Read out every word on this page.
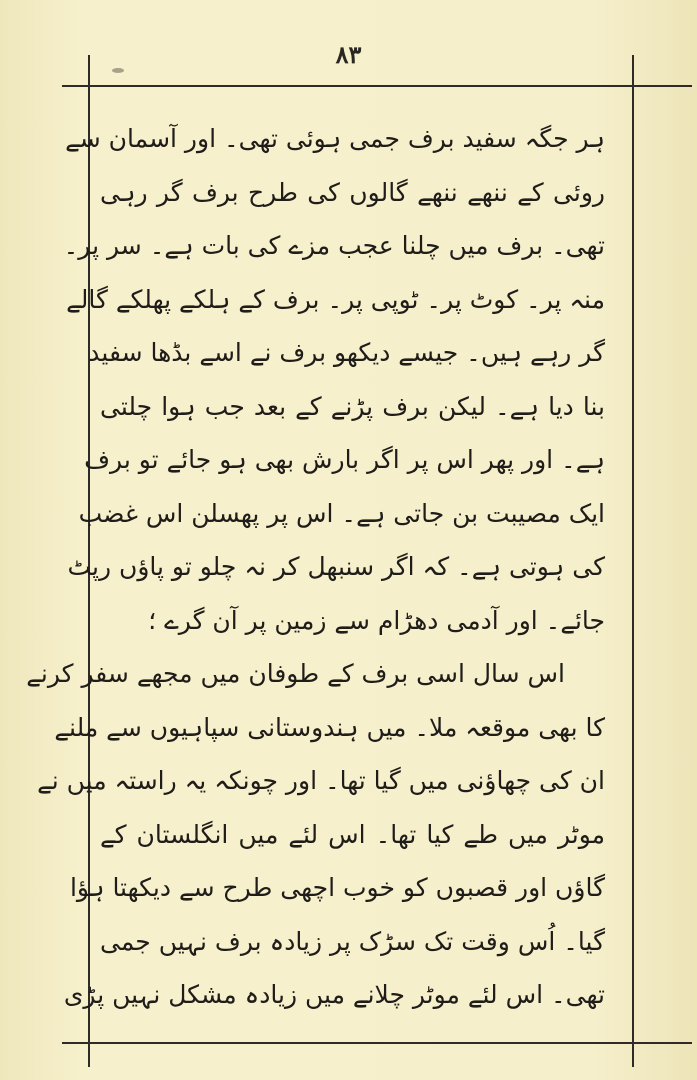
۸۳
ہر جگہ سفید برف جمی ہوئی تھی۔ اور آسمان سے
روئی کے ننھے ننھے گالوں کی طرح برف گر رہی
تھی۔ برف میں چلنا عجب مزے کی بات ہے۔ سر پر۔
منہ پر۔ کوٹ پر۔ ٹوپی پر۔ برف کے ہلکے پھلکے گالے
گر رہے ہیں۔ جیسے دیکھو برف نے اسے بڈھا سفید
بنا دیا ہے۔ لیکن برف پڑنے کے بعد جب ہوا چلتی
ہے۔ اور پھر اس پر اگر بارش بھی ہو جائے تو برف
ایک مصیبت بن جاتی ہے۔ اس پر پھسلن اس غضب
کی ہوتی ہے۔ کہ اگر سنبھل کر نہ چلو تو پاؤں رپٹ
جائے۔ اور آدمی دھڑام سے زمین پر آن گرے ؛
اس سال اسی برف کے طوفان میں مجھے سفر کرنے
کا بھی موقعہ ملا۔ میں ہندوستانی سپاہیوں سے ملنے
ان کی چھاؤنی میں گیا تھا۔ اور چونکہ یہ راستہ میں نے
موٹر میں طے کیا تھا۔ اس لئے میں انگلستان کے
گاؤں اور قصبوں کو خوب اچھی طرح سے دیکھتا ہؤا
گیا۔ اُس وقت تک سڑک پر زیادہ برف نہیں جمی
تھی۔ اس لئے موٹر چلانے میں زیادہ مشکل نہیں پڑی
